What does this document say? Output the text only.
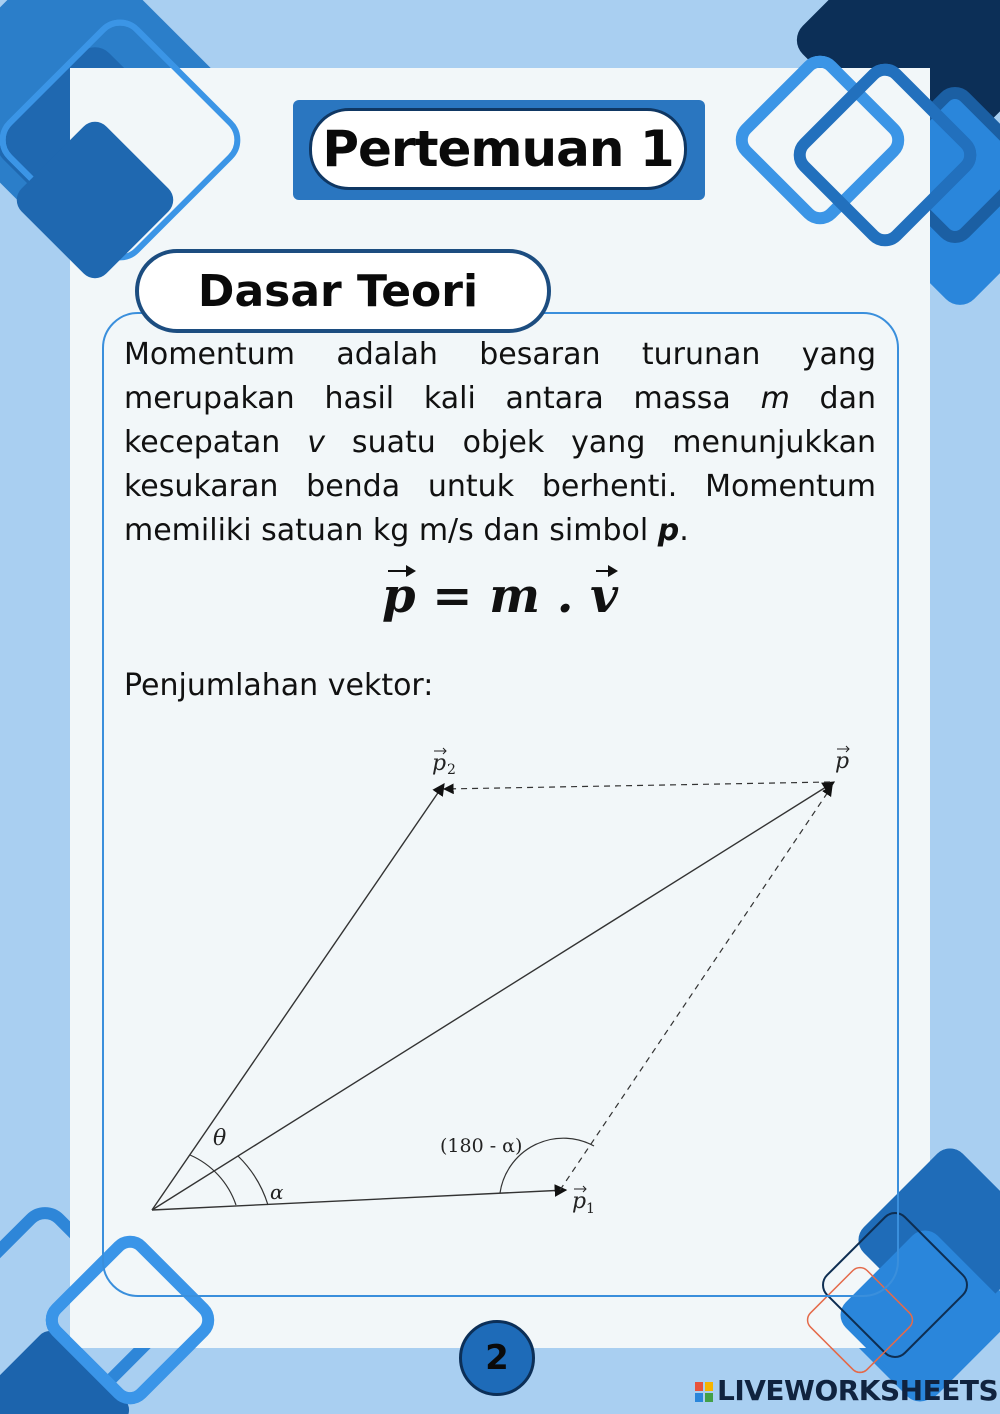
Pertemuan 1
Dasar Teori
Momentum adalah besaran turunan yang merupakan hasil kali antara massa m dan kecepatan v suatu objek yang menunjukkan kesukaran benda untuk berhenti. Momentum memiliki satuan kg m/s dan simbol p.
p = m . v
Penjumlahan vektor:
p 2	p
p 1
θ
α
(180 - α)
2
LIVEWORKSHEETS
